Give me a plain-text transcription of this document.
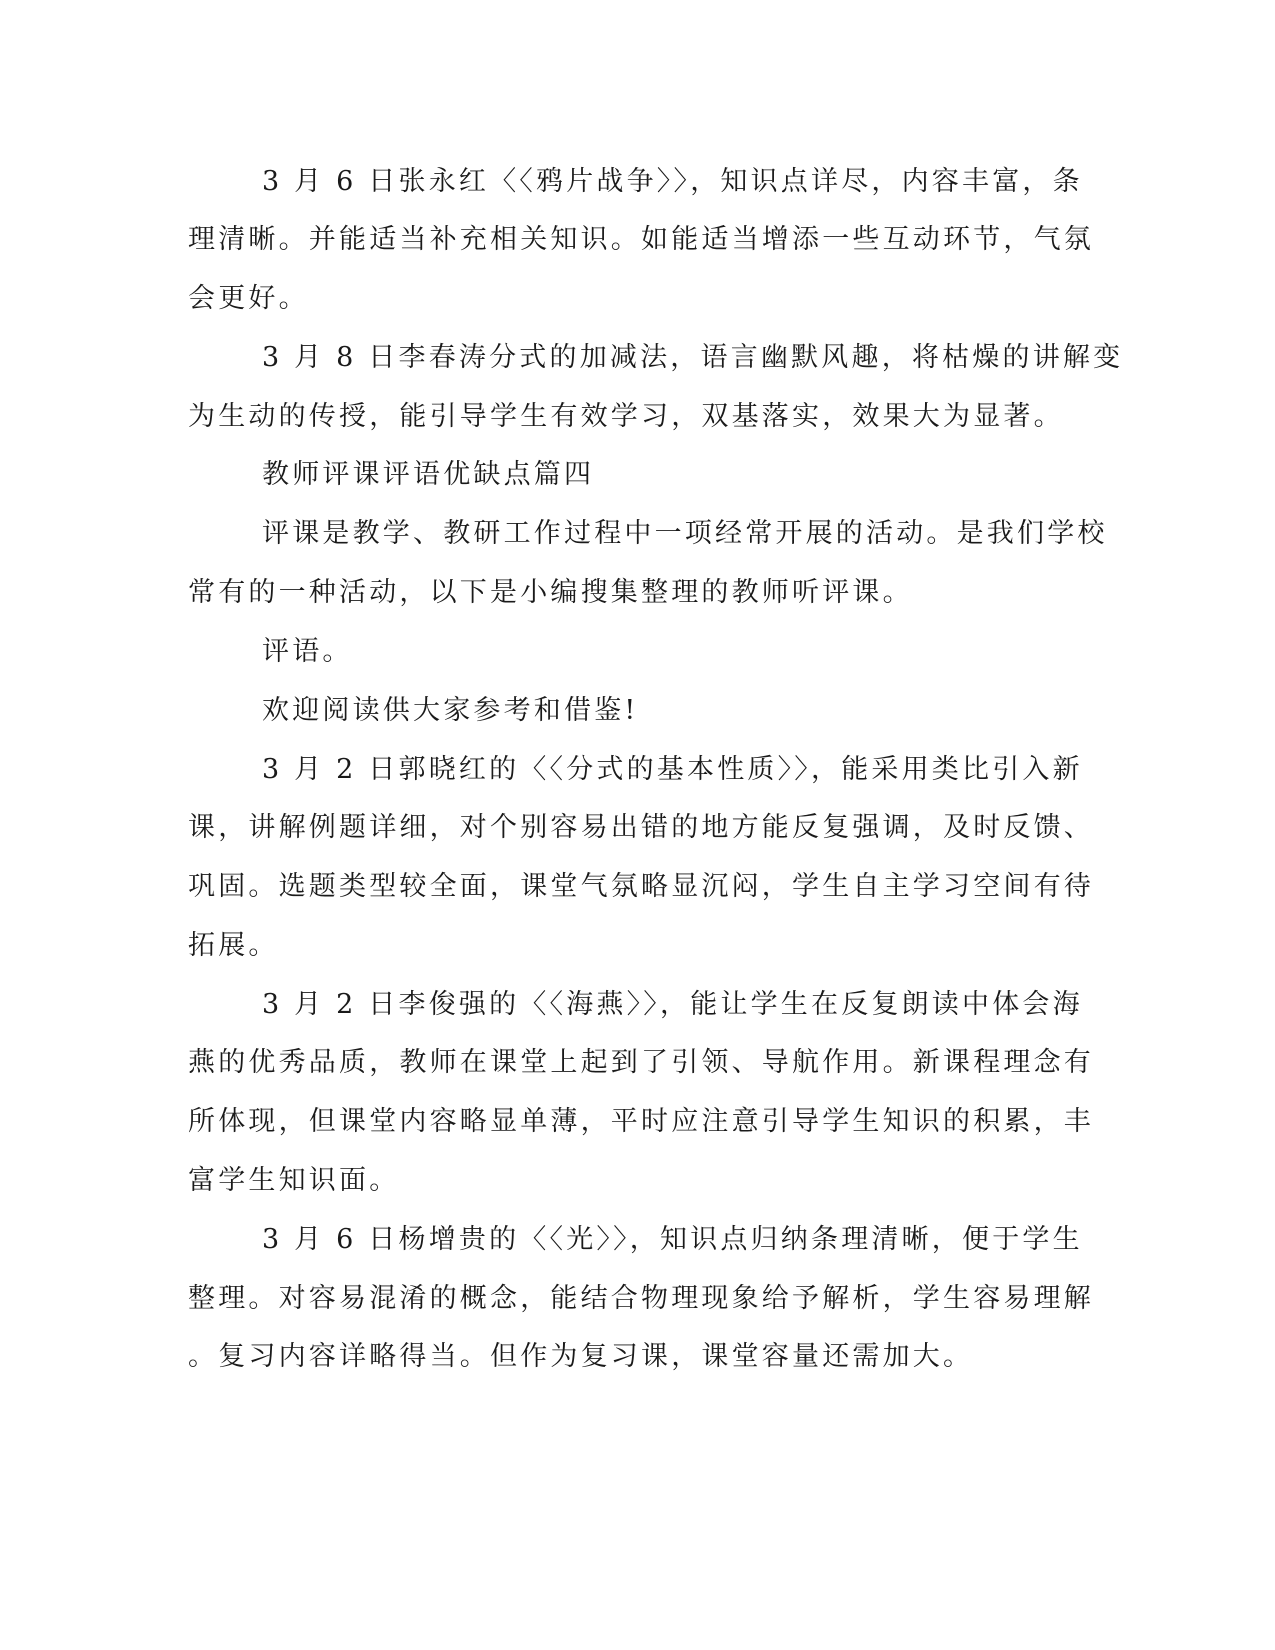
3 月 6 日张永红〈〈鸦片战争〉〉，知识点详尽，内容丰富，条

理清晰。并能适当补充相关知识。如能适当增添一些互动环节，气氛

会更好。

3 月 8 日李春涛分式的加减法，语言幽默风趣，将枯燥的讲解变

为生动的传授，能引导学生有效学习，双基落实，效果大为显著。

教师评课评语优缺点篇四

评课是教学、教研工作过程中一项经常开展的活动。是我们学校

常有的一种活动，以下是小编搜集整理的教师听评课。

评语。

欢迎阅读供大家参考和借鉴!

3 月 2 日郭晓红的〈〈分式的基本性质〉〉，能采用类比引入新

课，讲解例题详细，对个别容易出错的地方能反复强调，及时反馈、

巩固。选题类型较全面，课堂气氛略显沉闷，学生自主学习空间有待

拓展。

3 月 2 日李俊强的〈〈海燕〉〉，能让学生在反复朗读中体会海

燕的优秀品质，教师在课堂上起到了引领、导航作用。新课程理念有

所体现，但课堂内容略显单薄，平时应注意引导学生知识的积累，丰

富学生知识面。

3 月 6 日杨增贵的〈〈光〉〉，知识点归纳条理清晰，便于学生

整理。对容易混淆的概念，能结合物理现象给予解析，学生容易理解

。复习内容详略得当。但作为复习课，课堂容量还需加大。
